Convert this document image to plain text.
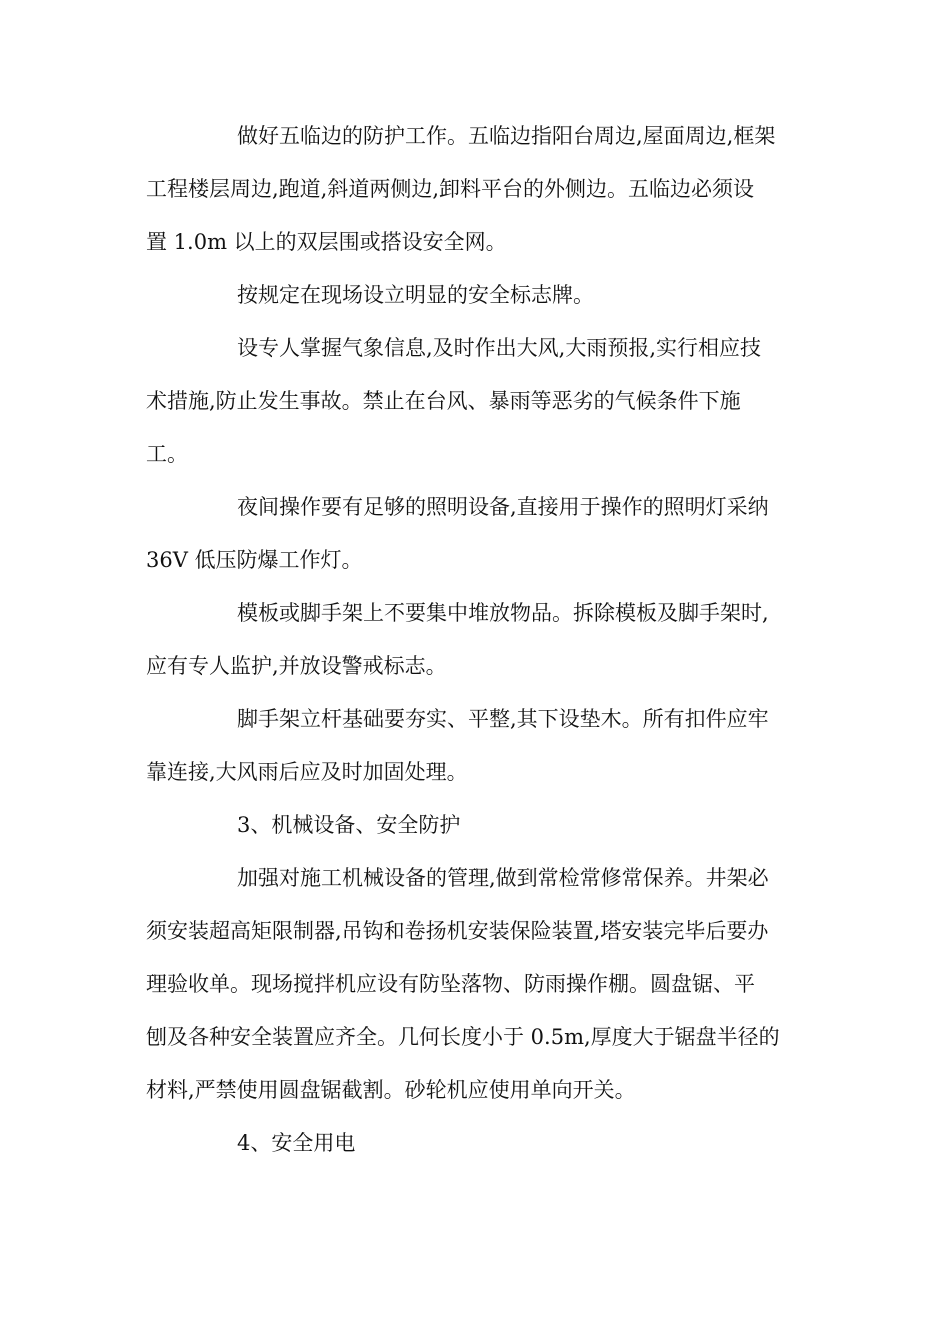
做好五临边的防护工作。五临边指阳台周边,屋面周边,框架
工程楼层周边,跑道,斜道两侧边,卸料平台的外侧边。五临边必须设
置 1.0m 以上的双层围或搭设安全网。
按规定在现场设立明显的安全标志牌。
设专人掌握气象信息,及时作出大风,大雨预报,实行相应技
术措施,防止发生事故。禁止在台风、暴雨等恶劣的气候条件下施
工。
夜间操作要有足够的照明设备,直接用于操作的照明灯采纳
36V 低压防爆工作灯。
模板或脚手架上不要集中堆放物品。拆除模板及脚手架时,
应有专人监护,并放设警戒标志。
脚手架立杆基础要夯实、平整,其下设垫木。所有扣件应牢
靠连接,大风雨后应及时加固处理。
3、机械设备、安全防护
加强对施工机械设备的管理,做到常检常修常保养。井架必
须安装超高矩限制器,吊钩和卷扬机安装保险装置,塔安装完毕后要办
理验收单。现场搅拌机应设有防坠落物、防雨操作棚。圆盘锯、平
刨及各种安全装置应齐全。几何长度小于 0.5m,厚度大于锯盘半径的
材料,严禁使用圆盘锯截割。砂轮机应使用单向开关。
4、安全用电
